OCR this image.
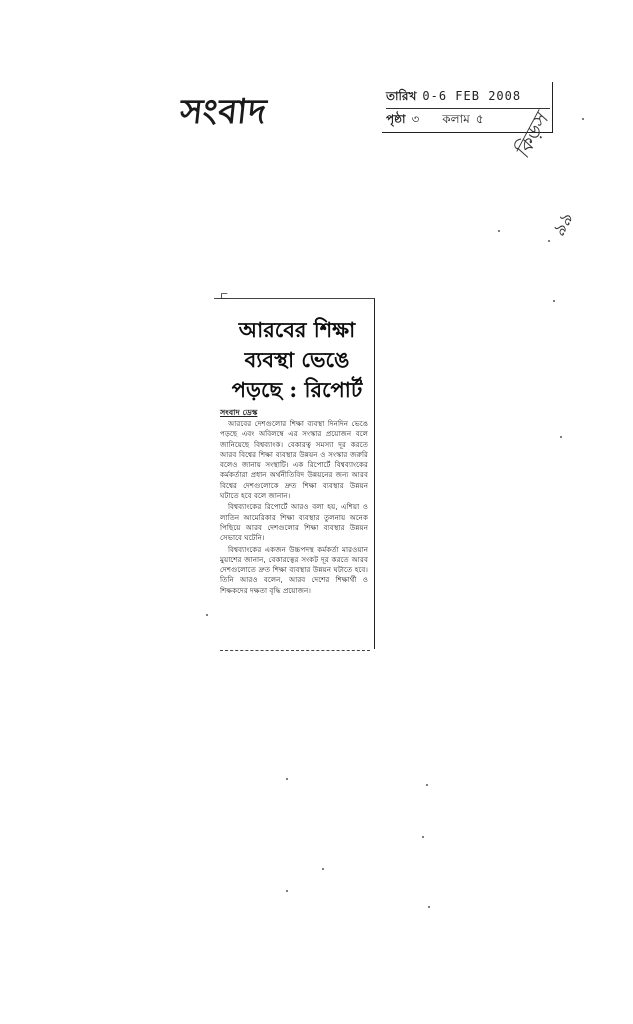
সংবাদ	তারিখ 0-6 FEB 2008
পৃষ্ঠা ৩ কলাম ৫	কিড়স
৯৯
⊏
আরবের শিক্ষা
ব্যবস্থা ভেঙে
পড়ছে : রিপোর্ট
সংবাদ ডেস্ক

আরবের দেশগুলোর শিক্ষা ব্যবস্থা দিনদিন ভেঙে পড়ছে এবং অবিলম্বে এর সংস্কার প্রয়োজন বলে জানিয়েছে বিশ্বব্যাংক। বেকারত্ব সমস্যা দূর করতে আরব বিশ্বের শিক্ষা ব্যবস্থার উন্নয়ন ও সংস্কার জরুরি বলেও জানায় সংস্থাটি। এক রিপোর্টে বিশ্বব্যাংকের কর্মকর্তারা প্রধান অর্থনীতিবিদ উন্নয়নের জন্য আরব বিশ্বের দেশগুলোকে দ্রুত শিক্ষা ব্যবস্থার উন্নয়ন ঘটাতে হবে বলে জানান।

বিশ্বব্যাংকের রিপোর্টে আরও বলা হয়, এশিয়া ও লাতিন আমেরিকার শিক্ষা ব্যবস্থার তুলনায় অনেক পিছিয়ে আরব দেশগুলোর শিক্ষা ব্যবস্থার উন্নয়ন সেভাবে ঘটেনি।

বিশ্বব্যাংকের একজন উচ্চপদস্থ কর্মকর্তা মারওয়ান মুয়াশের জানান, বেকারত্বের সংকট দূর করতে আরব দেশগুলোতে দ্রুত শিক্ষা ব্যবস্থার উন্নয়ন ঘটাতে হবে। তিনি আরও বলেন, আরব দেশের শিক্ষার্থী ও শিক্ষকদের দক্ষতা বৃদ্ধি প্রয়োজন।
